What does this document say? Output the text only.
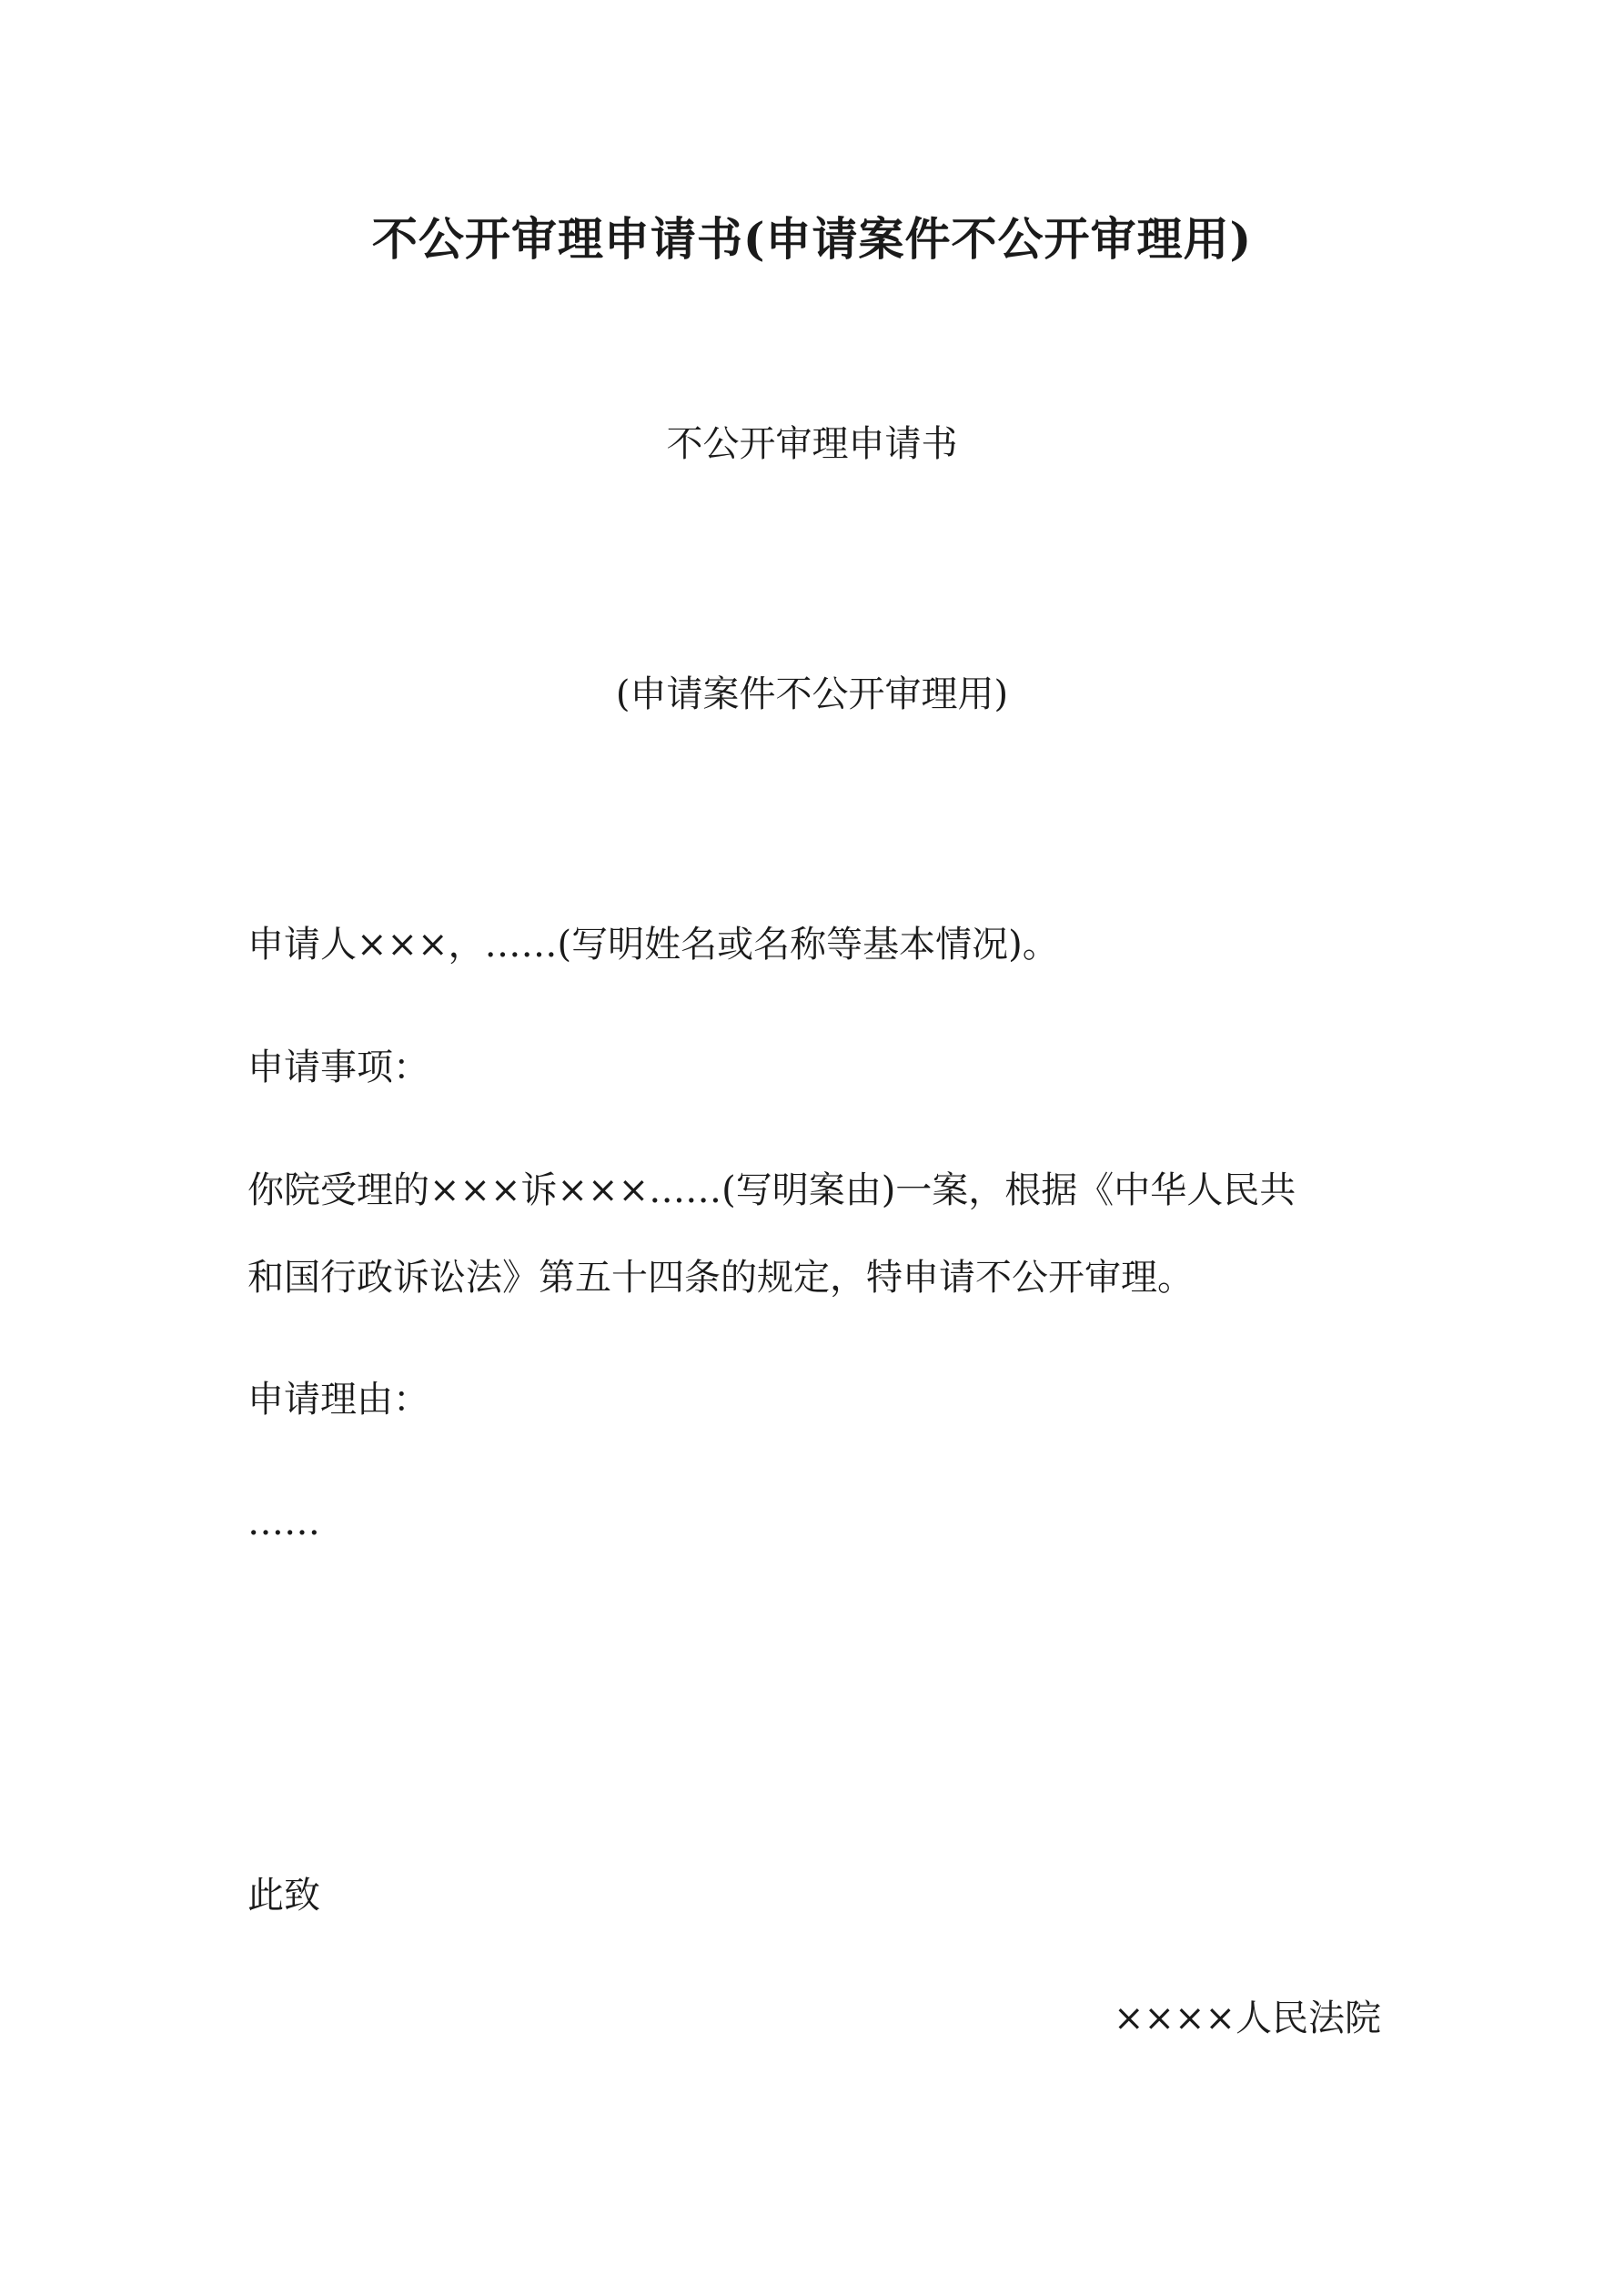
不公开审理申请书(申请案件不公开审理用)
不公开审理申请书
(申请案件不公开审理用)
申请人×××，……(写明姓名或名称等基本情况)。
申请事项：
你院受理的×××诉×××……(写明案由)一案，根据《中华人民共
和国行政诉讼法》第五十四条的规定，特申请不公开审理。
申请理由：
……
此致
××××人民法院
